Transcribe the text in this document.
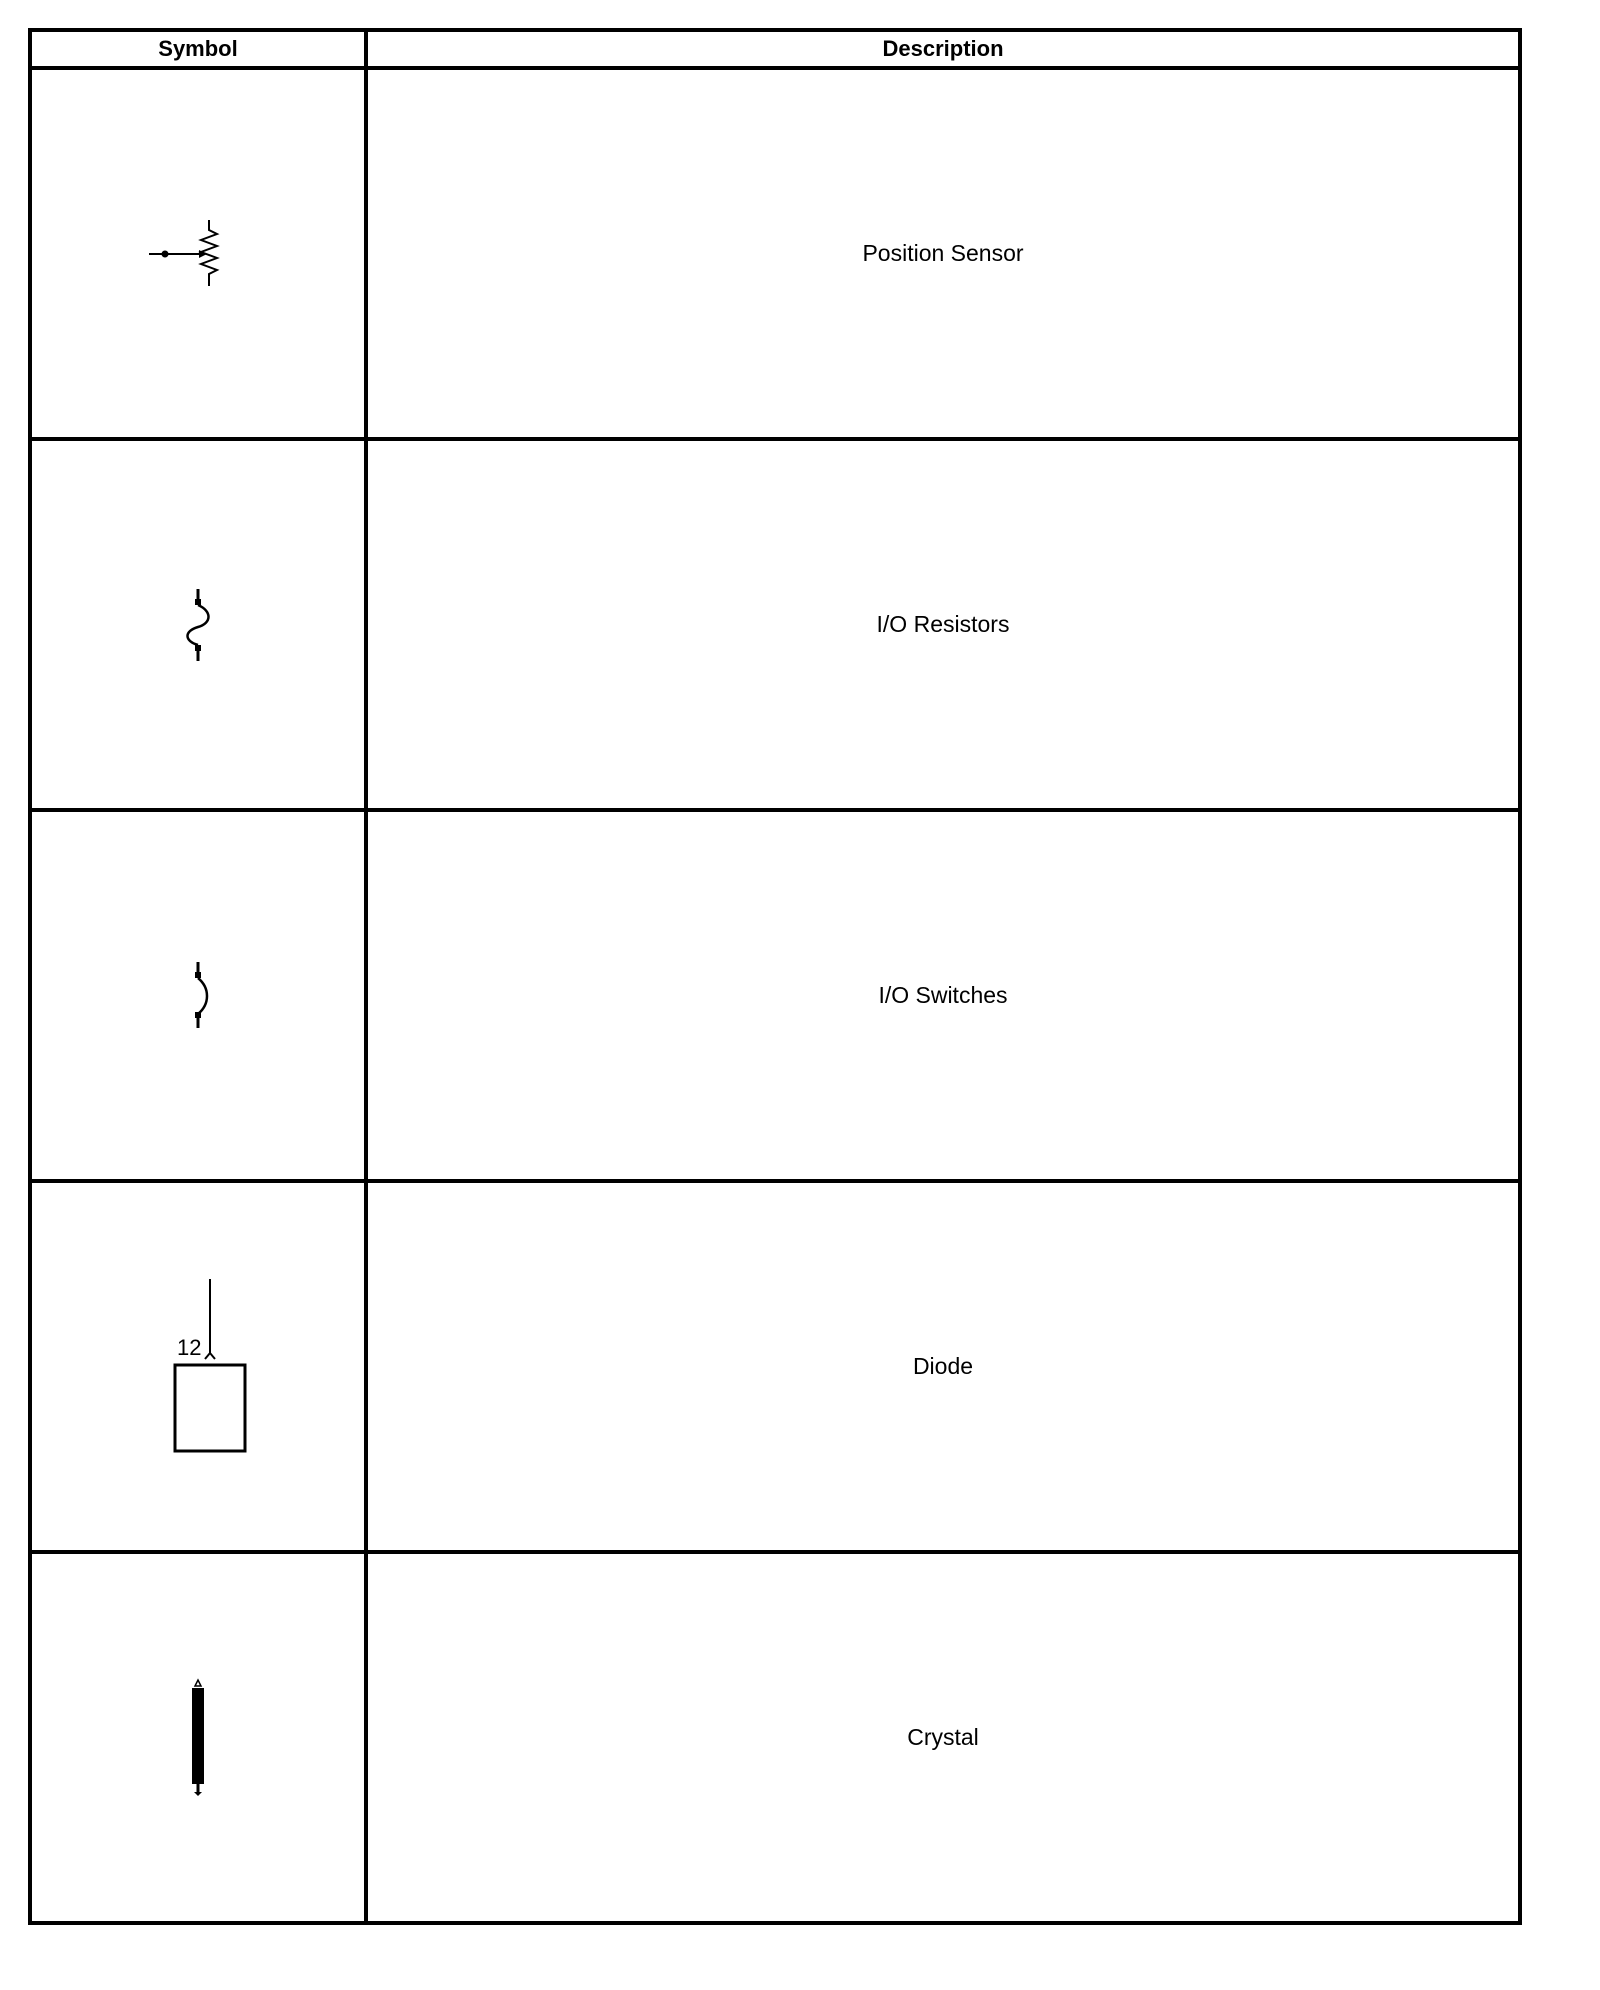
Symbol	Description

	Position Sensor

	I/O Resistors

	I/O Switches

12	Diode

	Crystal
